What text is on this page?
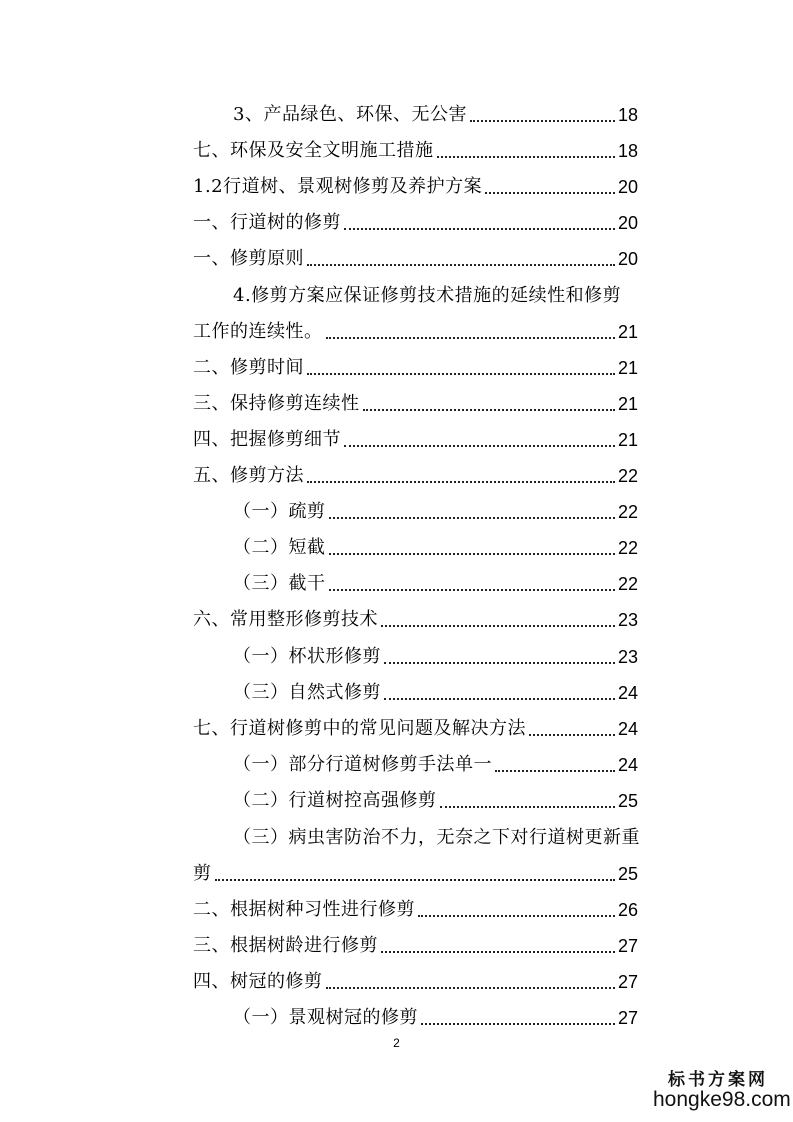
3、产品绿色、环保、无公害	18
七、环保及安全文明施工措施	18
1.2行道树、景观树修剪及养护方案	20
一、行道树的修剪	20
一、修剪原则	20
4.修剪方案应保证修剪技术措施的延续性和修剪
工作的连续性。	21
二、修剪时间	21
三、保持修剪连续性	21
四、把握修剪细节	21
五、修剪方法	22
（一）疏剪	22
（二）短截	22
（三）截干	22
六、常用整形修剪技术	23
（一）杯状形修剪	23
（三）自然式修剪	24
七、行道树修剪中的常见问题及解决方法	24
（一）部分行道树修剪手法单一	24
（二）行道树控高强修剪	25
（三）病虫害防治不力，无奈之下对行道树更新重
剪	25
二、根据树种习性进行修剪	26
三、根据树龄进行修剪	27
四、树冠的修剪	27
（一）景观树冠的修剪	27
2
标书方案网
hongke98.com
